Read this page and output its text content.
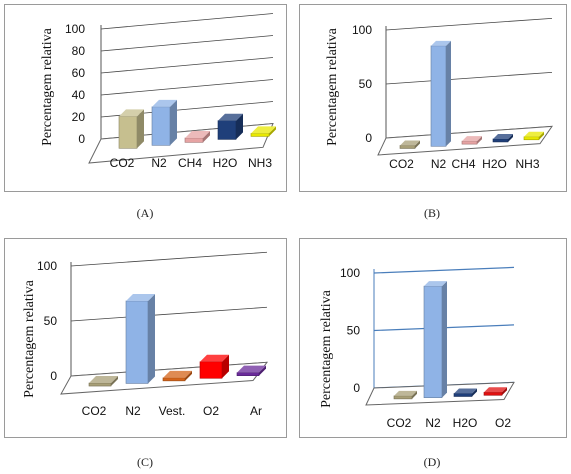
0
20
40
60
80
100
Percentagem relativa
CO2 N2 CH4 H2O NH3
(A)
0
50
100
Percentagem relativa
CO2 N2 CH4 H2O NH3
(B)
0
50
100
Percentagem relativa
CO2 N2 Vest. O2	Ar
(C)
0
50
100
Percentagem relativa
CO2 N2 H2O O2
(D)
